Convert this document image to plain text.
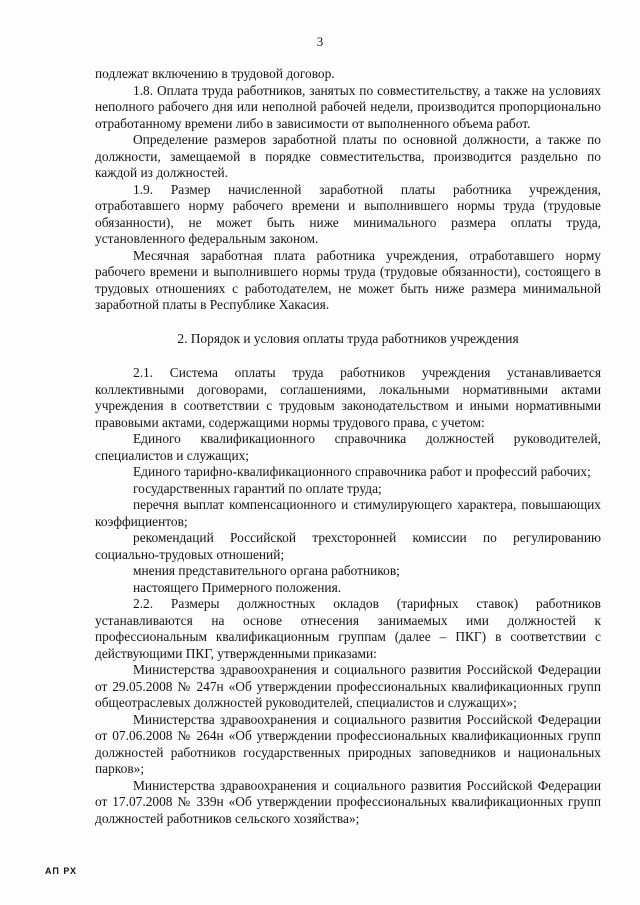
3

подлежат включению в трудовой договор.

1.8. Оплата труда работников, занятых по совместительству, а также на условиях неполного рабочего дня или неполной рабочей недели, производится пропорционально отработанному времени либо в зависимости от выполненного объема работ.

Определение размеров заработной платы по основной должности, а также по должности, замещаемой в порядке совместительства, производится раздельно по каждой из должностей.

1.9. Размер начисленной заработной платы работника учреждения, отработавшего норму рабочего времени и выполнившего нормы труда (трудовые обязанности), не может быть ниже минимального размера оплаты труда, установленного федеральным законом.

Месячная заработная плата работника учреждения, отработавшего норму рабочего времени и выполнившего нормы труда (трудовые обязанности), состоящего в трудовых отношениях с работодателем, не может быть ниже размера минимальной заработной платы в Республике Хакасия.

2. Порядок и условия оплаты труда работников учреждения

2.1. Система оплаты труда работников учреждения устанавливается коллективными договорами, соглашениями, локальными нормативными актами учреждения в соответствии с трудовым законодательством и иными нормативными правовыми актами, содержащими нормы трудового права, с учетом:

Единого квалификационного справочника должностей руководителей, специалистов и служащих;

Единого тарифно-квалификационного справочника работ и профессий рабочих;

государственных гарантий по оплате труда;

перечня выплат компенсационного и стимулирующего характера, повышающих коэффициентов;

рекомендаций Российской трехсторонней комиссии по регулированию социально-трудовых отношений;

мнения представительного органа работников;

настоящего Примерного положения.

2.2. Размеры должностных окладов (тарифных ставок) работников устанавливаются на основе отнесения занимаемых ими должностей к профессиональным квалификационным группам (далее – ПКГ) в соответствии с действующими ПКГ, утвержденными приказами:

Министерства здравоохранения и социального развития Российской Федерации от 29.05.2008 № 247н «Об утверждении профессиональных квалификационных групп общеотраслевых должностей руководителей, специалистов и служащих»;

Министерства здравоохранения и социального развития Российской Федерации от 07.06.2008 № 264н «Об утверждении профессиональных квалификационных групп должностей работников государственных природных заповедников и национальных парков»;

Министерства здравоохранения и социального развития Российской Федерации от 17.07.2008 № 339н «Об утверждении профессиональных квалификационных групп должностей работников сельского хозяйства»;

АП РХ
